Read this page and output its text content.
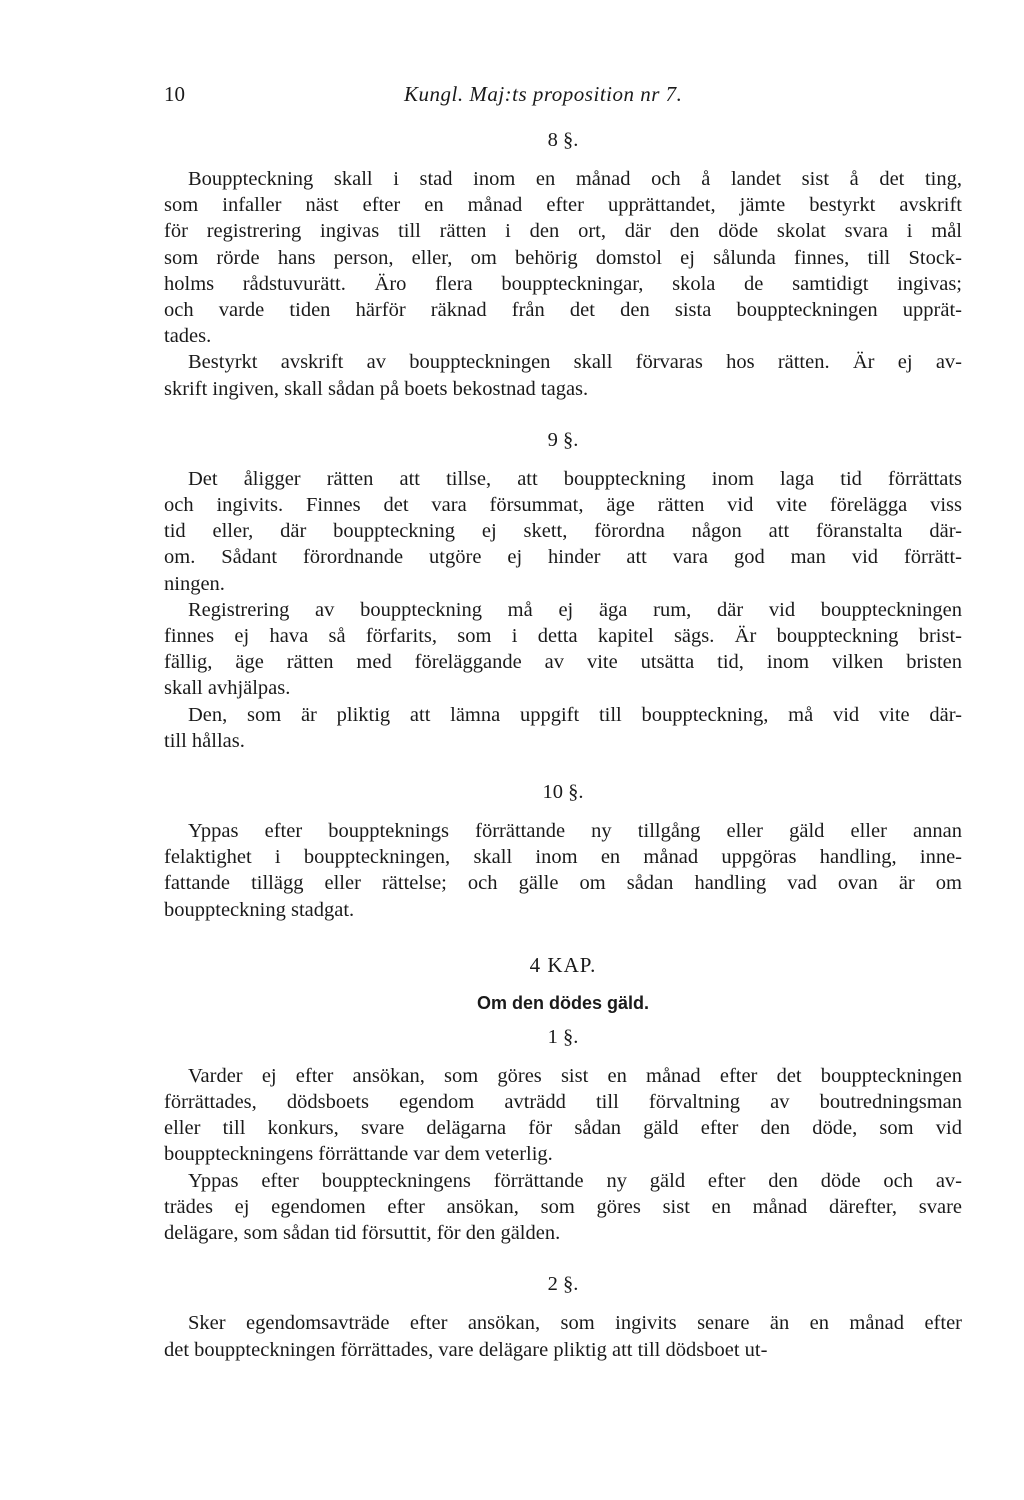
10	Kungl. Maj:ts proposition nr 7.
8 §.
Bouppteckning skall i stad inom en månad och å landet sist å det ting,
som infaller näst efter en månad efter upprättandet, jämte bestyrkt avskrift
för registrering ingivas till rätten i den ort, där den döde skolat svara i mål
som rörde hans person, eller, om behörig domstol ej sålunda finnes, till Stock-
holms rådstuvurätt. Äro flera bouppteckningar, skola de samtidigt ingivas;
och varde tiden härför räknad från det den sista bouppteckningen upprät-
tades.
Bestyrkt avskrift av bouppteckningen skall förvaras hos rätten. Är ej av-
skrift ingiven, skall sådan på boets bekostnad tagas.
9 §.
Det åligger rätten att tillse, att bouppteckning inom laga tid förrättats
och ingivits. Finnes det vara försummat, äge rätten vid vite förelägga viss
tid eller, där bouppteckning ej skett, förordna någon att föranstalta där-
om. Sådant förordnande utgöre ej hinder att vara god man vid förrätt-
ningen.
Registrering av bouppteckning må ej äga rum, där vid bouppteckningen
finnes ej hava så förfarits, som i detta kapitel sägs. Är bouppteckning brist-
fällig, äge rätten med föreläggande av vite utsätta tid, inom vilken bristen
skall avhjälpas.
Den, som är pliktig att lämna uppgift till bouppteckning, må vid vite där-
till hållas.
10 §.
Yppas efter bouppteknings förrättande ny tillgång eller gäld eller annan
felaktighet i bouppteckningen, skall inom en månad uppgöras handling, inne-
fattande tillägg eller rättelse; och gälle om sådan handling vad ovan är om
bouppteckning stadgat.
4 KAP.
Om den dödes gäld.
1 §.
Varder ej efter ansökan, som göres sist en månad efter det bouppteckningen
förrättades, dödsboets egendom avträdd till förvaltning av boutredningsman
eller till konkurs, svare delägarna för sådan gäld efter den döde, som vid
bouppteckningens förrättande var dem veterlig.
Yppas efter bouppteckningens förrättande ny gäld efter den döde och av-
trädes ej egendomen efter ansökan, som göres sist en månad därefter, svare
delägare, som sådan tid försuttit, för den gälden.
2 §.
Sker egendomsavträde efter ansökan, som ingivits senare än en månad efter
det bouppteckningen förrättades, vare delägare pliktig att till dödsboet ut-
